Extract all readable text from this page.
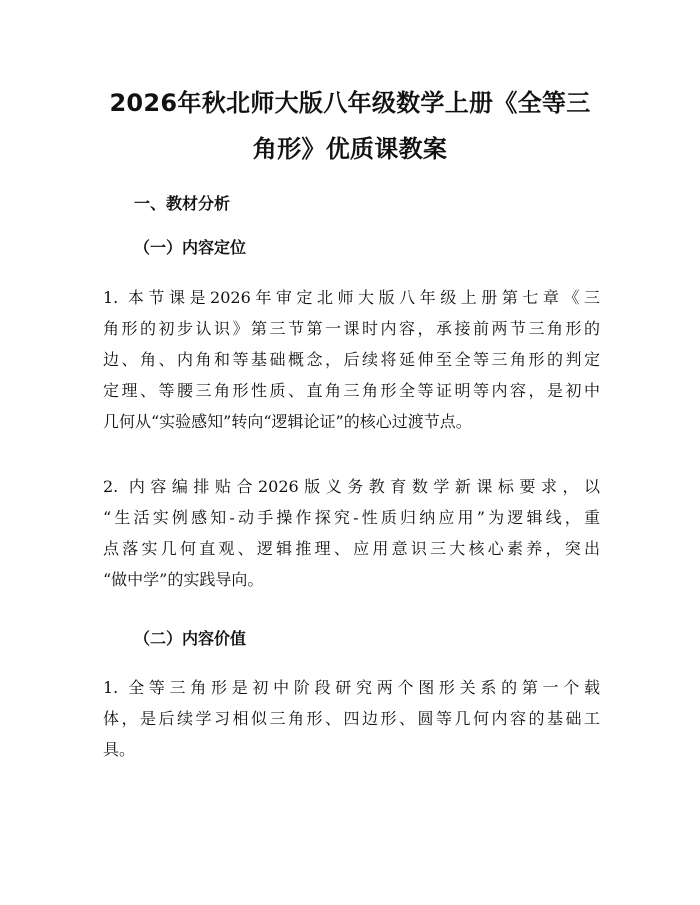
2026年秋北师大版八年级数学上册《全等三
角形》优质课教案
一、教材分析
（一）内容定位

1. 本节课是2026年审定北师大版八年级上册第七章《三
角形的初步认识》第三节第一课时内容，承接前两节三角形的
边、角、内角和等基础概念，后续将延伸至全等三角形的判定
定理、等腰三角形性质、直角三角形全等证明等内容，是初中
几何从“实验感知”转向“逻辑论证”的核心过渡节点。

2. 内容编排贴合2026版义务教育数学新课标要求，以
“生活实例感知-动手操作探究-性质归纳应用”为逻辑线，重
点落实几何直观、逻辑推理、应用意识三大核心素养，突出
“做中学”的实践导向。

（二）内容价值

1. 全等三角形是初中阶段研究两个图形关系的第一个载
体，是后续学习相似三角形、四边形、圆等几何内容的基础工
具。
